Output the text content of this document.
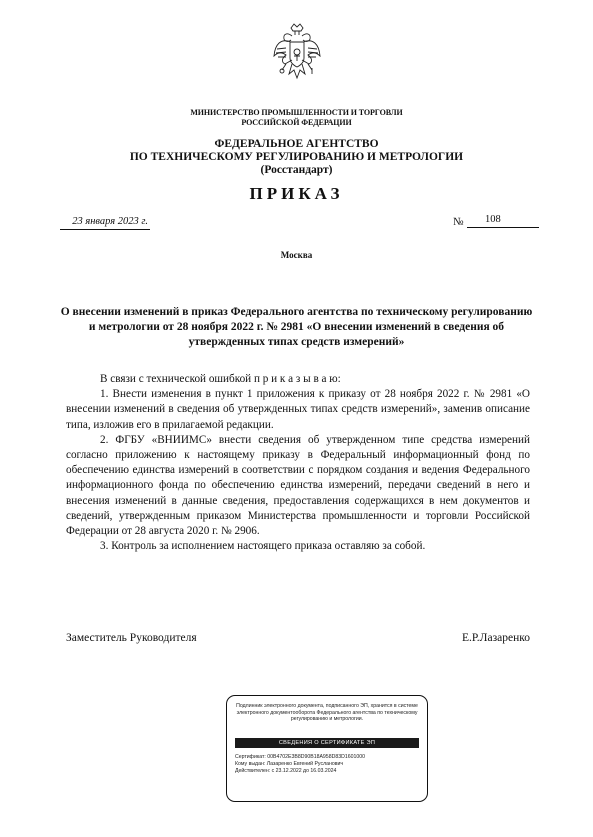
МИНИСТЕРСТВО ПРОМЫШЛЕННОСТИ И ТОРГОВЛИ
РОССИЙСКОЙ ФЕДЕРАЦИИ
ФЕДЕРАЛЬНОЕ АГЕНТСТВО
ПО ТЕХНИЧЕСКОМУ РЕГУЛИРОВАНИЮ И МЕТРОЛОГИИ
(Росстандарт)
ПРИКАЗ
23 января 2023 г.	№	108
Москва
О внесении изменений в приказ Федерального агентства по техническому регулированию и метрологии от 28 ноября 2022 г. № 2981 «О внесении изменений в сведения об утвержденных типах средств измерений»

В связи с технической ошибкой п р и к а з ы в а ю:

1. Внести изменения в пункт 1 приложения к приказу от 28 ноября 2022 г. № 2981 «О внесении изменений в сведения об утвержденных типах средств измерений», заменив описание типа, изложив его в прилагаемой редакции.

2. ФГБУ «ВНИИМС» внести сведения об утвержденном типе средства измерений согласно приложению к настоящему приказу в Федеральный информационный фонд по обеспечению единства измерений в соответствии с порядком создания и ведения Федерального информационного фонда по обеспечению единства измерений, передачи сведений в него и внесения изменений в данные сведения, предоставления содержащихся в нем документов и сведений, утвержденным приказом Министерства промышленности и торговли Российской Федерации от 28 августа 2020 г. № 2906.

3. Контроль за исполнением настоящего приказа оставляю за собой.

Заместитель Руководителя	Е.Р.Лазаренко
Подлинник электронного документа, подписанного ЭП, хранится в системе электронного документооборота Федерального агентства по техническому регулированию и метрологии.
СВЕДЕНИЯ О СЕРТИФИКАТЕ ЭП
Сертификат: 00B4702E3B8D90B18A958D83D1601000
Кому выдан: Лазаренко Евгений Русланович
Действителен: с 23.12.2022 до 16.03.2024
